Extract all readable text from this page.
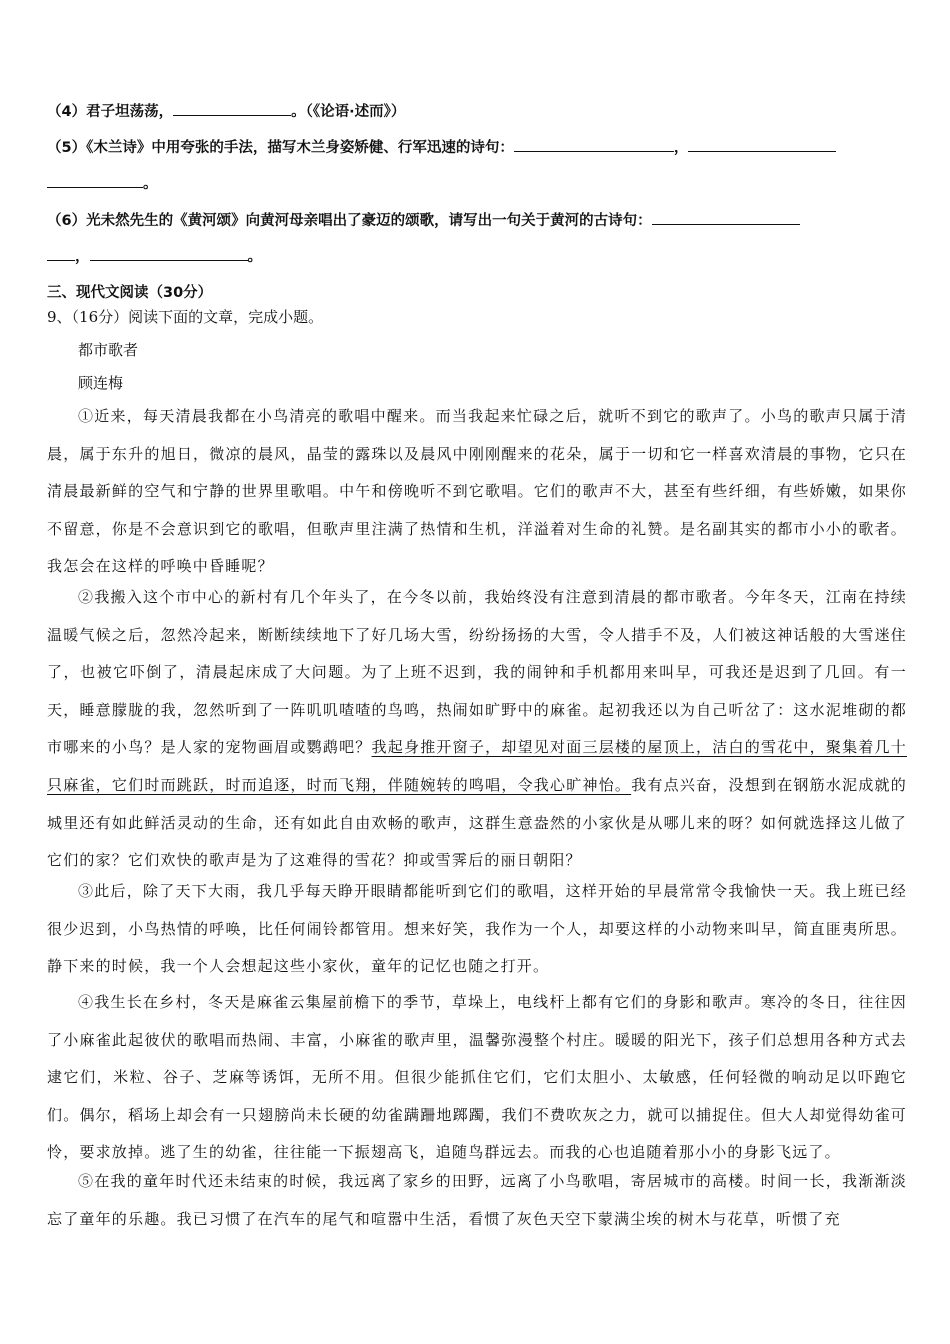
（4）君子坦荡荡，	。（《论语·述而》）
（5）《木兰诗》中用夸张的手法，描写木兰身姿矫健、行军迅速的诗句：	，
。
（6）光未然先生的《黄河颂》向黄河母亲唱出了豪迈的颂歌，请写出一句关于黄河的古诗句：
，	。
三、现代文阅读（30分）
9、（16分）阅读下面的文章，完成小题。
都市歌者
顾连梅
①近来，每天清晨我都在小鸟清亮的歌唱中醒来。而当我起来忙碌之后，就听不到它的歌声了。小鸟的歌声只属于清晨，属于东升的旭日，微凉的晨风，晶莹的露珠以及晨风中刚刚醒来的花朵，属于一切和它一样喜欢清晨的事物，它只在清晨最新鲜的空气和宁静的世界里歌唱。中午和傍晚听不到它歌唱。它们的歌声不大，甚至有些纤细，有些娇嫩，如果你不留意，你是不会意识到它的歌唱，但歌声里注满了热情和生机，洋溢着对生命的礼赞。是名副其实的都市小小的歌者。我怎会在这样的呼唤中昏睡呢？
②我搬入这个市中心的新村有几个年头了，在今冬以前，我始终没有注意到清晨的都市歌者。今年冬天，江南在持续温暖气候之后，忽然冷起来，断断续续地下了好几场大雪，纷纷扬扬的大雪，令人措手不及，人们被这神话般的大雪迷住了，也被它吓倒了，清晨起床成了大问题。为了上班不迟到，我的闹钟和手机都用来叫早，可我还是迟到了几回。有一天，睡意朦胧的我，忽然听到了一阵叽叽喳喳的鸟鸣，热闹如旷野中的麻雀。起初我还以为自己听岔了：这水泥堆砌的都市哪来的小鸟？是人家的宠物画眉或鹦鹉吧？我起身推开窗子，却望见对面三层楼的屋顶上，洁白的雪花中，聚集着几十只麻雀，它们时而跳跃，时而追逐，时而飞翔，伴随婉转的鸣唱，令我心旷神怡。我有点兴奋，没想到在钢筋水泥成就的城里还有如此鲜活灵动的生命，还有如此自由欢畅的歌声，这群生意盎然的小家伙是从哪儿来的呀？如何就选择这儿做了它们的家？它们欢快的歌声是为了这难得的雪花？抑或雪霁后的丽日朝阳？
③此后，除了天下大雨，我几乎每天睁开眼睛都能听到它们的歌唱，这样开始的早晨常常令我愉快一天。我上班已经很少迟到，小鸟热情的呼唤，比任何闹铃都管用。想来好笑，我作为一个人，却要这样的小动物来叫早，简直匪夷所思。静下来的时候，我一个人会想起这些小家伙，童年的记忆也随之打开。
④我生长在乡村，冬天是麻雀云集屋前檐下的季节，草垛上，电线杆上都有它们的身影和歌声。寒冷的冬日，往往因了小麻雀此起彼伏的歌唱而热闹、丰富，小麻雀的歌声里，温馨弥漫整个村庄。暖暖的阳光下，孩子们总想用各种方式去逮它们，米粒、谷子、芝麻等诱饵，无所不用。但很少能抓住它们，它们太胆小、太敏感，任何轻微的响动足以吓跑它们。偶尔，稻场上却会有一只翅膀尚未长硬的幼雀蹒跚地踯躅，我们不费吹灰之力，就可以捕捉住。但大人却觉得幼雀可怜，要求放掉。逃了生的幼雀，往往能一下振翅高飞，追随鸟群远去。而我的心也追随着那小小的身影飞远了。
⑤在我的童年时代还未结束的时候，我远离了家乡的田野，远离了小鸟歌唱，寄居城市的高楼。时间一长，我渐渐淡忘了童年的乐趣。我已习惯了在汽车的尾气和喧嚣中生活，看惯了灰色天空下蒙满尘埃的树木与花草，听惯了充
